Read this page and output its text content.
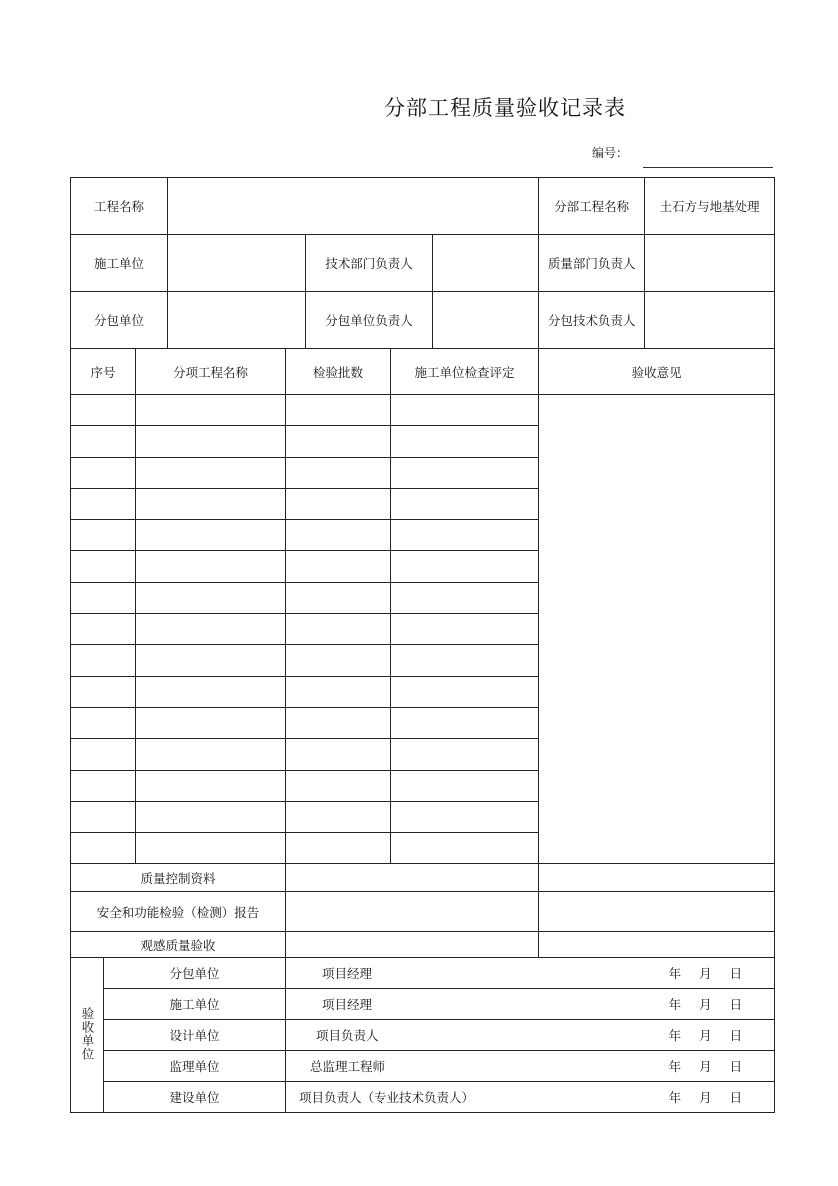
分部工程质量验收记录表
编号：
工程名称								分部工程名称	土石方与地基处理
施工单位					技术部门负责人			质量部门负责人	
分包单位					分包单位负责人			分包技术负责人	
序号		分项工程名称		检验批数		施工单位检查评定		验收意见	

质量控制资料									
安全和功能检验（检测）报告									
观感质量验收									
验收单位	分包单位			项目经理 年 月 日					

	施工单位			项目经理 年 月 日					

	设计单位			项目负责人 年 月 日					

	监理单位			总监理工程师 年 月 日					

	建设单位			项目负责人（专业技术负责人） 年 月 日					
